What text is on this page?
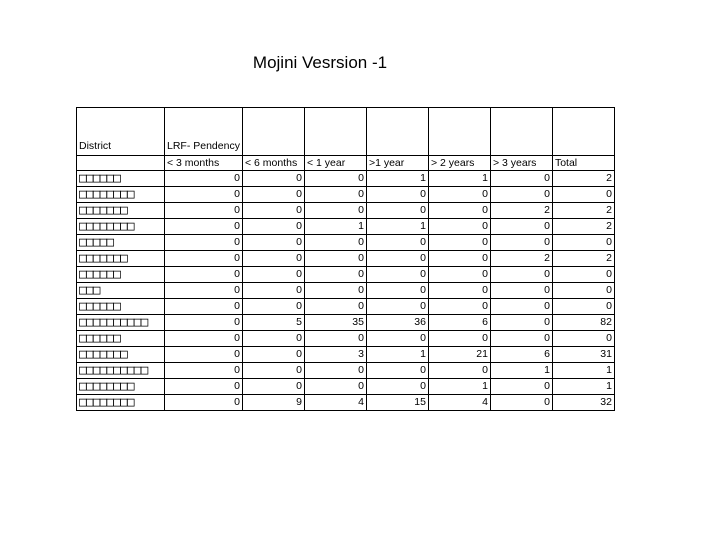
Mojini Vesrsion -1
District	LRF- Pendency						
	< 3 months	< 6 months	< 1 year	>1 year	> 2 years	> 3 years	Total
□□□□□□	0	0	0	1	1	0	2
□□□□□□□□	0	0	0	0	0	0	0
□□□□□□□	0	0	0	0	0	2	2
□□□□□□□□	0	0	1	1	0	0	2
□□□□□	0	0	0	0	0	0	0
□□□□□□□	0	0	0	0	0	2	2
□□□□□□	0	0	0	0	0	0	0
□□□	0	0	0	0	0	0	0
□□□□□□	0	0	0	0	0	0	0
□□□□□□□□□□	0	5	35	36	6	0	82
□□□□□□	0	0	0	0	0	0	0
□□□□□□□	0	0	3	1	21	6	31
□□□□□□□□□□	0	0	0	0	0	1	1
□□□□□□□□	0	0	0	0	1	0	1
□□□□□□□□	0	9	4	15	4	0	32
